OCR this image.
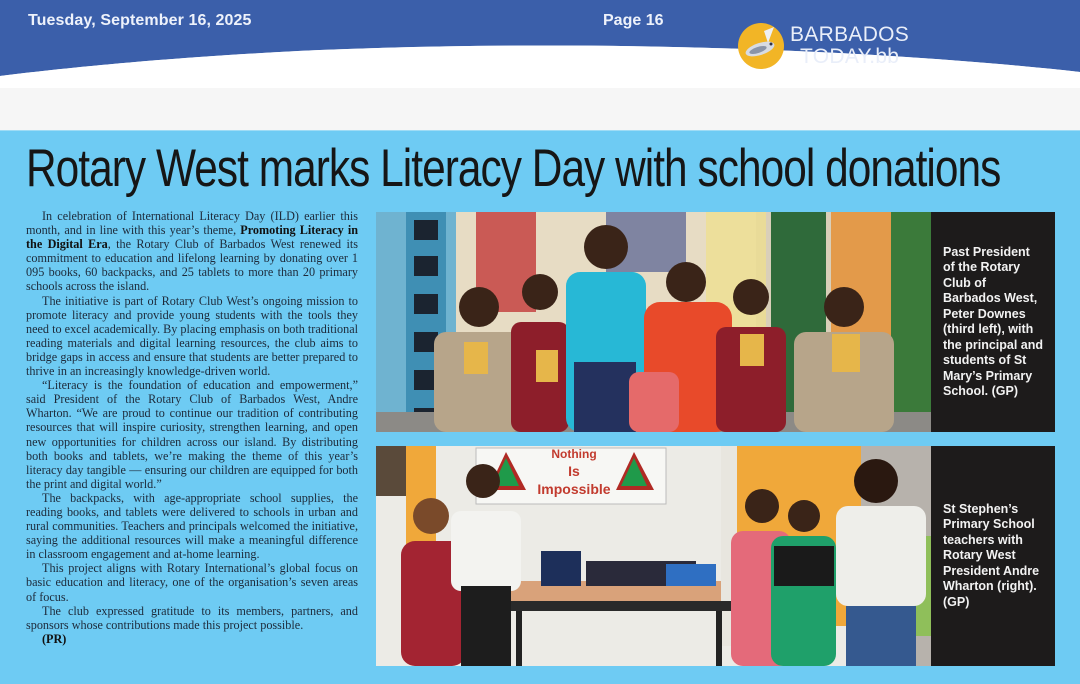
Tuesday, September 16, 2025	Page 16
BARBADOS
TODAY.bb
Rotary West marks Literacy Day with school donations

In celebration of International Literacy Day (ILD) earlier this month, and in line with this year’s theme, Promoting Literacy in the Digital Era, the Rotary Club of Barbados West renewed its commitment to education and lifelong learning by donating over 1 095 books, 60 backpacks, and 25 tablets to more than 20 primary schools across the island.

The initiative is part of Rotary Club West’s ongoing mission to promote literacy and provide young students with the tools they need to excel academically. By placing emphasis on both traditional reading materials and digital learning resources, the club aims to bridge gaps in access and ensure that students are better prepared to thrive in an increasingly knowledge-driven world.

“Literacy is the foundation of education and empowerment,” said President of the Rotary Club of Barbados West, Andre Wharton. “We are proud to continue our tradition of contributing resources that will inspire curiosity, strengthen learning, and open new opportunities for children across our island. By distributing both books and tablets, we’re making the theme of this year’s literacy day tangible — ensuring our children are equipped for both the print and digital world.”

The backpacks, with age-appropriate school supplies, the reading books, and tablets were delivered to schools in urban and rural communities. Teachers and principals welcomed the initiative, saying the additional resources will make a meaningful difference in classroom engagement and at-home learning.

This project aligns with Rotary International’s global focus on basic education and literacy, one of the organisation’s seven areas of focus.

The club expressed gratitude to its members, partners, and sponsors whose contributions made this project possible.

(PR)

Past President of the Rotary Club of Barbados West, Peter Downes (third left), with the principal and students of St Mary’s Primary School. (GP)
Nothing
Is
Impossible
St Stephen’s Primary School teachers with Rotary West President Andre Wharton (right). (GP)
